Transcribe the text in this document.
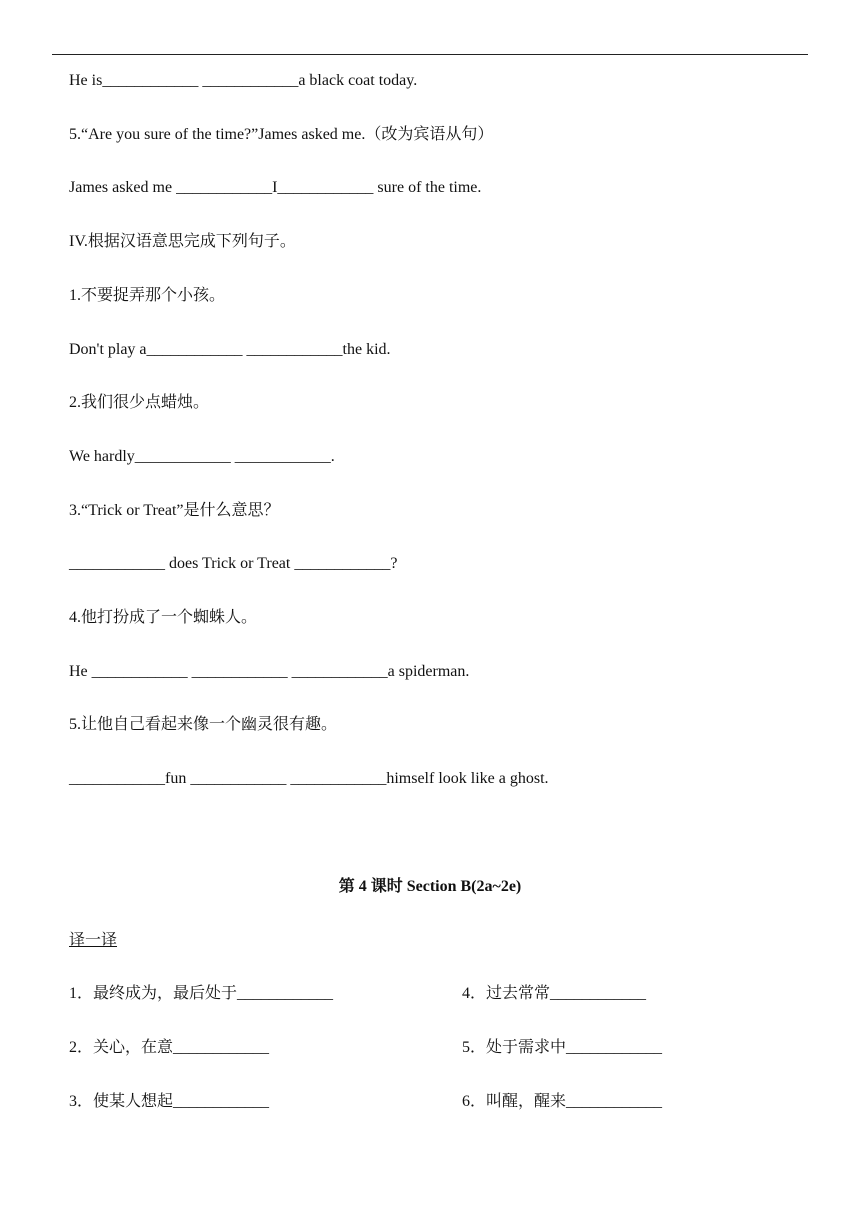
He is____________ ____________a black coat today.
5.“Are you sure of the time?”James asked me.（改为宾语从句）
James asked me ____________I____________ sure of the time.
IV.根据汉语意思完成下列句子。
1.不要捉弄那个小孩。
Don't play a____________ ____________the kid.
2.我们很少点蜡烛。
We hardly____________ ____________.
3.“Trick or Treat”是什么意思？
____________ does Trick or Treat ____________?
4.他打扮成了一个蜘蛛人。
He ____________ ____________ ____________a spiderman.
5.让他自己看起来像一个幽灵很有趣。
____________fun ____________ ____________himself look like a ghost.
第 4 课时 Section B(2a~2e)
译一译
1．最终成为，最后处于____________
2．关心，在意____________
3．使某人想起____________
4．过去常常____________
5．处于需求中____________
6．叫醒，醒来____________
